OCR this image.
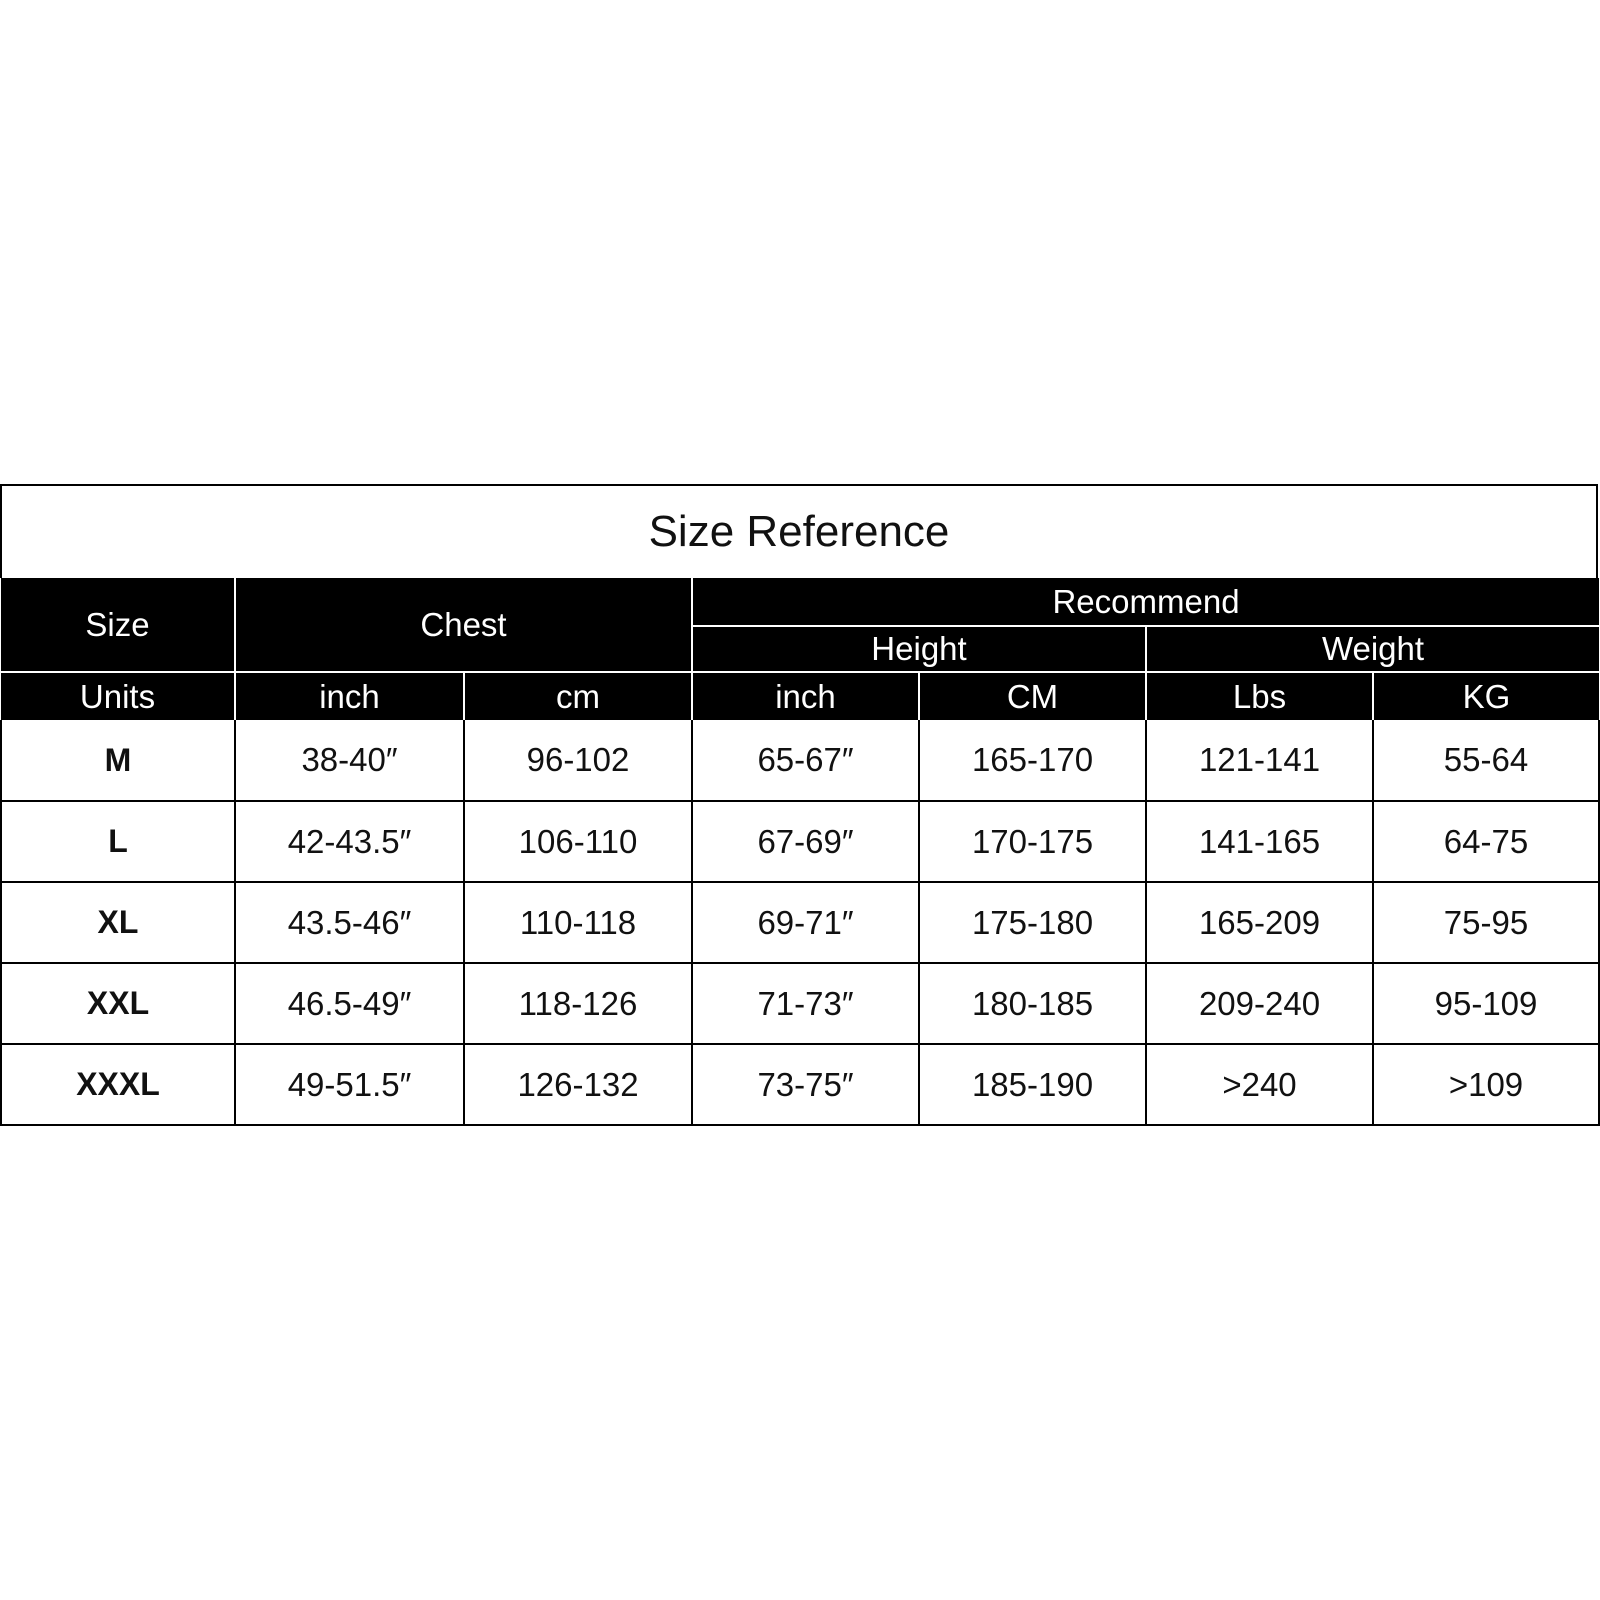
Size Reference
Size	Chest		Recommend			
			Height		Weight	
Units	inch	cm	inch	CM	Lbs	KG
M	38-40″	96-102	65-67″	165-170	121-141	55-64
L	42-43.5″	106-110	67-69″	170-175	141-165	64-75
XL	43.5-46″	110-118	69-71″	175-180	165-209	75-95
XXL	46.5-49″	118-126	71-73″	180-185	209-240	95-109
XXXL	49-51.5″	126-132	73-75″	185-190	>240	>109
